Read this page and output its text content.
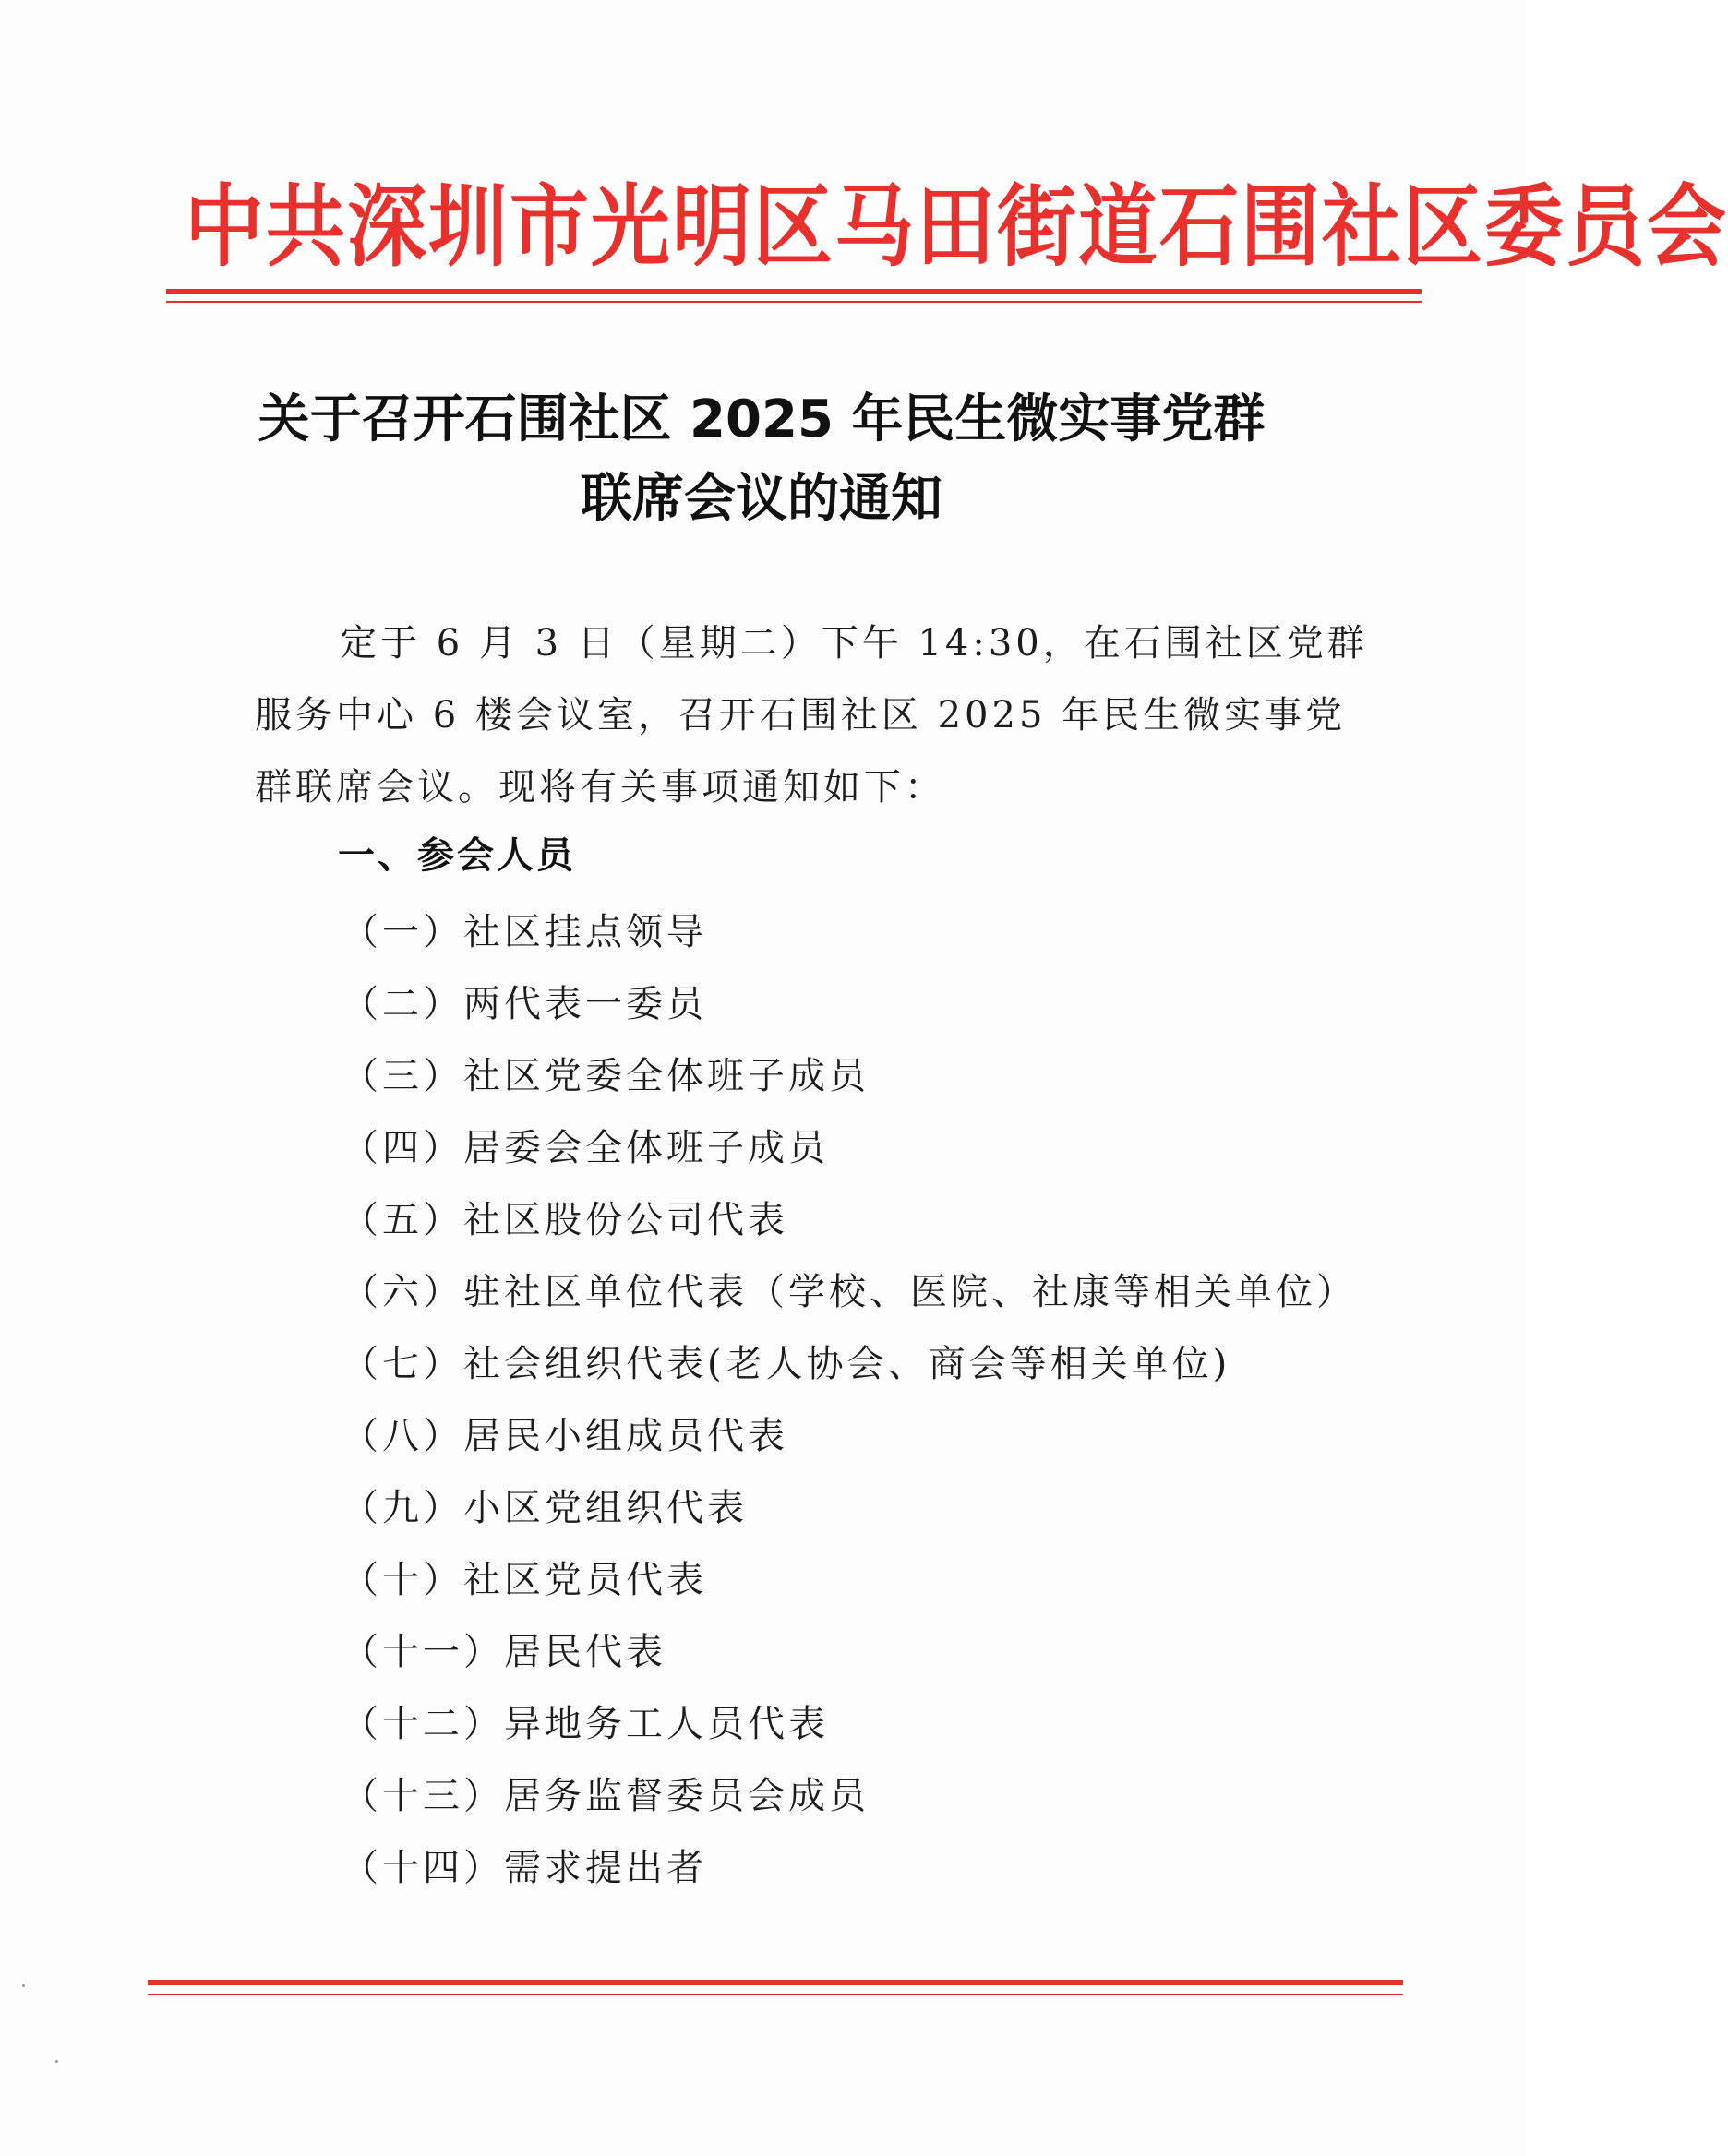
中共深圳市光明区马田街道石围社区委员会
关于召开石围社区 2025 年民生微实事党群
联席会议的通知
定于 6 月 3 日（星期二）下午 14:30，在石围社区党群
服务中心 6 楼会议室，召开石围社区 2025 年民生微实事党
群联席会议。现将有关事项通知如下：
一、参会人员
（一）社区挂点领导
（二）两代表一委员
（三）社区党委全体班子成员
（四）居委会全体班子成员
（五）社区股份公司代表
（六）驻社区单位代表（学校、医院、社康等相关单位）
（七）社会组织代表(老人协会、商会等相关单位)
（八）居民小组成员代表
（九）小区党组织代表
（十）社区党员代表
（十一）居民代表
（十二）异地务工人员代表
（十三）居务监督委员会成员
（十四）需求提出者
